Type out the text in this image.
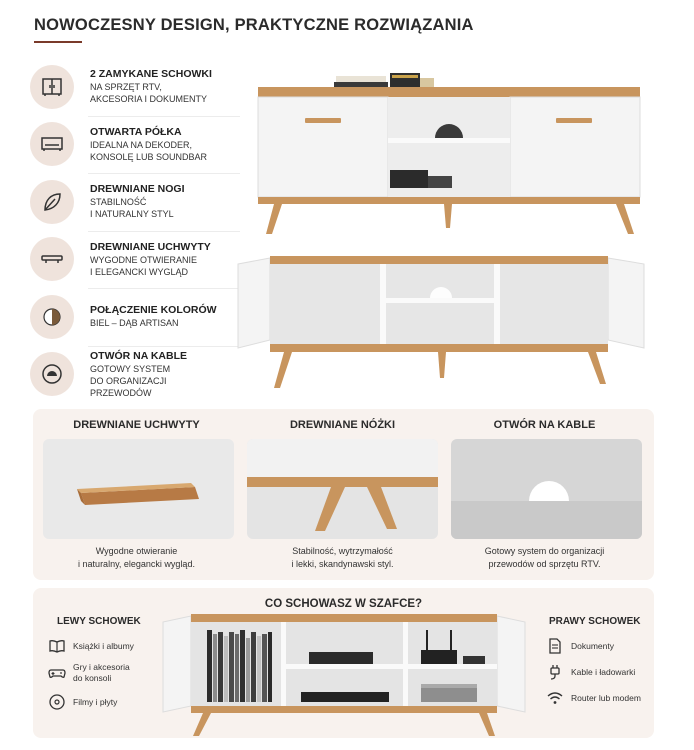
NOWOCZESNY DESIGN, PRAKTYCZNE ROZWIĄZANIA
2 ZAMYKANE SCHOWKI
NA SPRZĘT RTV,
AKCESORIA I DOKUMENTY
OTWARTA PÓŁKA
IDEALNA NA DEKODER,
KONSOLĘ LUB SOUNDBAR
DREWNIANE NOGI
STABILNOŚĆ
I NATURALNY STYL
DREWNIANE UCHWYTY
WYGODNE OTWIERANIE
I ELEGANCKI WYGLĄD
POŁĄCZENIE KOLORÓW
BIEL – DĄB ARTISAN
OTWÓR NA KABLE
GOTOWY SYSTEM
DO ORGANIZACJI PRZEWODÓW
DREWNIANE UCHWYTY	DREWNIANE NÓŻKI	OTWÓR NA KABLE
Wygodne otwieranie
i naturalny, elegancki wygląd.
Stabilność, wytrzymałość
i lekki, skandynawski styl.
Gotowy system do organizacji
przewodów od sprzętu RTV.
CO SCHOWASZ W SZAFCE?
LEWY SCHOWEK
Książki i albumy
Gry i akcesoria
do konsoli
Filmy i płyty
PRAWY SCHOWEK
Dokumenty
Kable i ładowarki
Router lub modem
